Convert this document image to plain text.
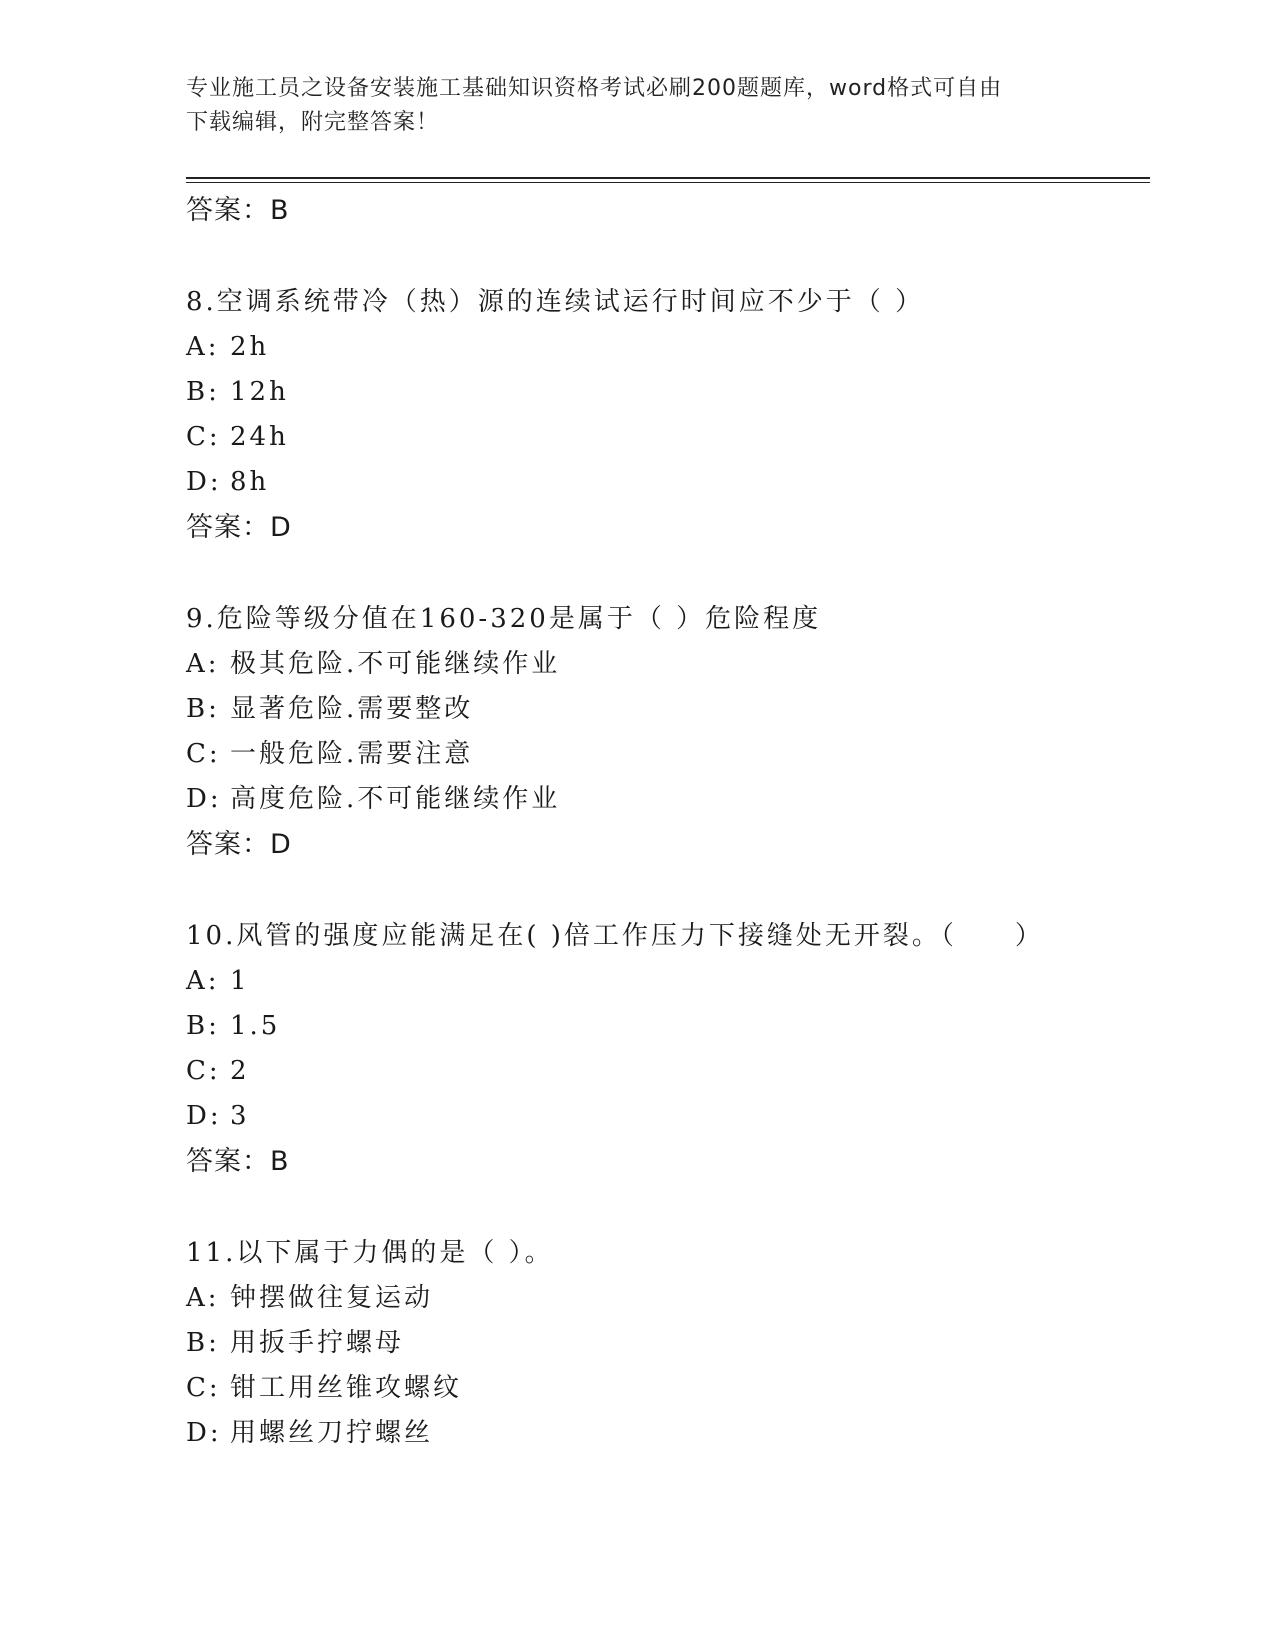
专业施工员之设备安装施工基础知识资格考试必刷200题题库，word格式可自由
下载编辑，附完整答案！
答案：B
8.空调系统带冷（热）源的连续试运行时间应不少于（ ）
A: 2h
B: 12h
C: 24h
D: 8h
答案：D
9.危险等级分值在160-320是属于（ ）危险程度
A: 极其危险.不可能继续作业
B: 显著危险.需要整改
C: 一般危险.需要注意
D: 高度危险.不可能继续作业
答案：D
10.风管的强度应能满足在( )倍工作压力下接缝处无开裂。（　　）
A: 1
B: 1.5
C: 2
D: 3
答案：B
11.以下属于力偶的是（ ）。
A: 钟摆做往复运动
B: 用扳手拧螺母
C: 钳工用丝锥攻螺纹
D: 用螺丝刀拧螺丝
